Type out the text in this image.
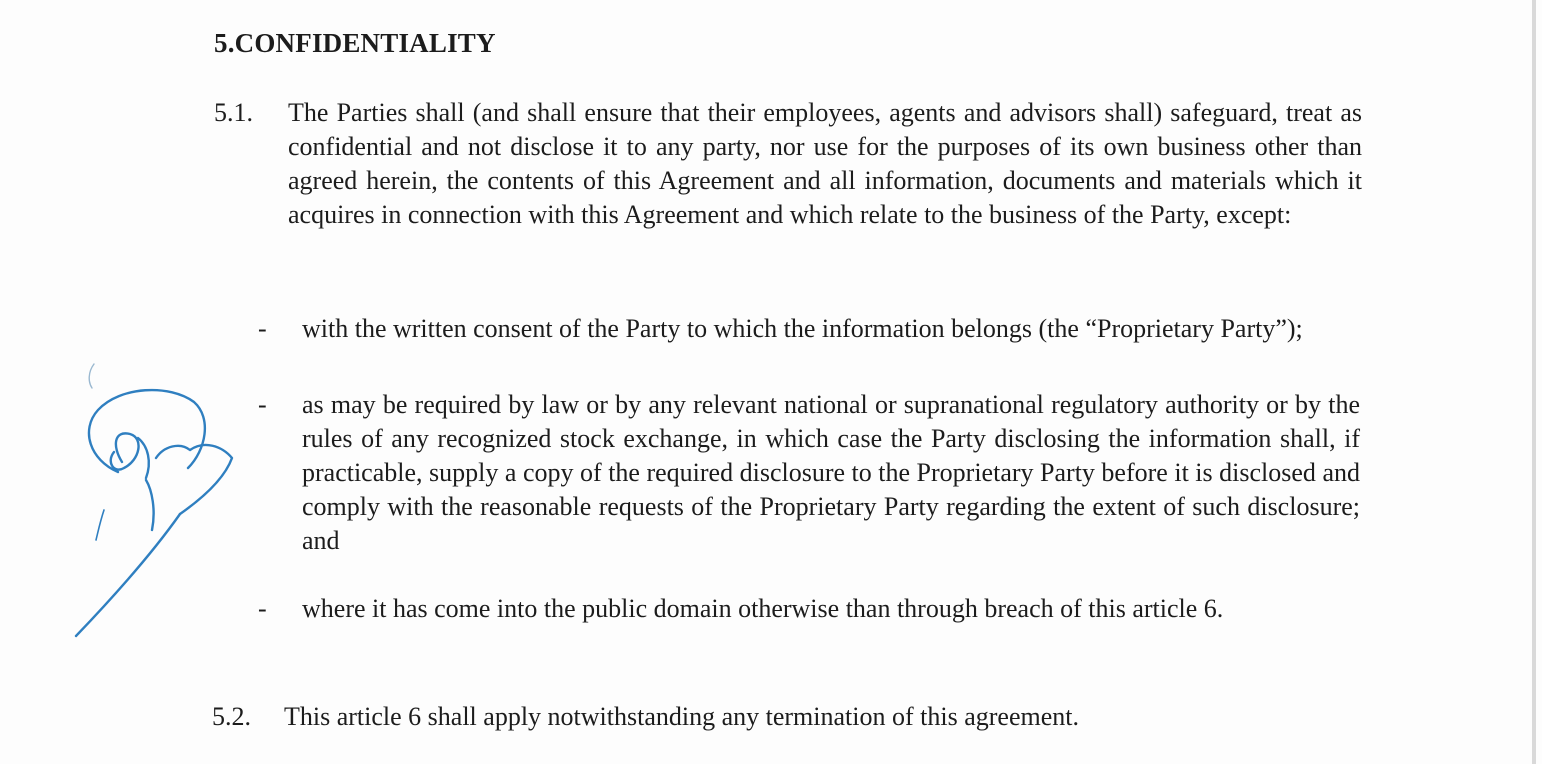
5.CONFIDENTIALITY
5.1. The Parties shall (and shall ensure that their employees, agents and advisors shall) safeguard, treat as confidential and not disclose it to any party, nor use for the purposes of its own business other than agreed herein, the contents of this Agreement and all information, documents and materials which it acquires in connection with this Agreement and which relate to the business of the Party, except:
- with the written consent of the Party to which the information belongs (the “Proprietary Party”);
- as may be required by law or by any relevant national or supranational regulatory authority or by the rules of any recognized stock exchange, in which case the Party disclosing the information shall, if practicable, supply a copy of the required disclosure to the Proprietary Party before it is disclosed and comply with the reasonable requests of the Proprietary Party regarding the extent of such disclosure; and
- where it has come into the public domain otherwise than through breach of this article 6.
5.2. This article 6 shall apply notwithstanding any termination of this agreement.
